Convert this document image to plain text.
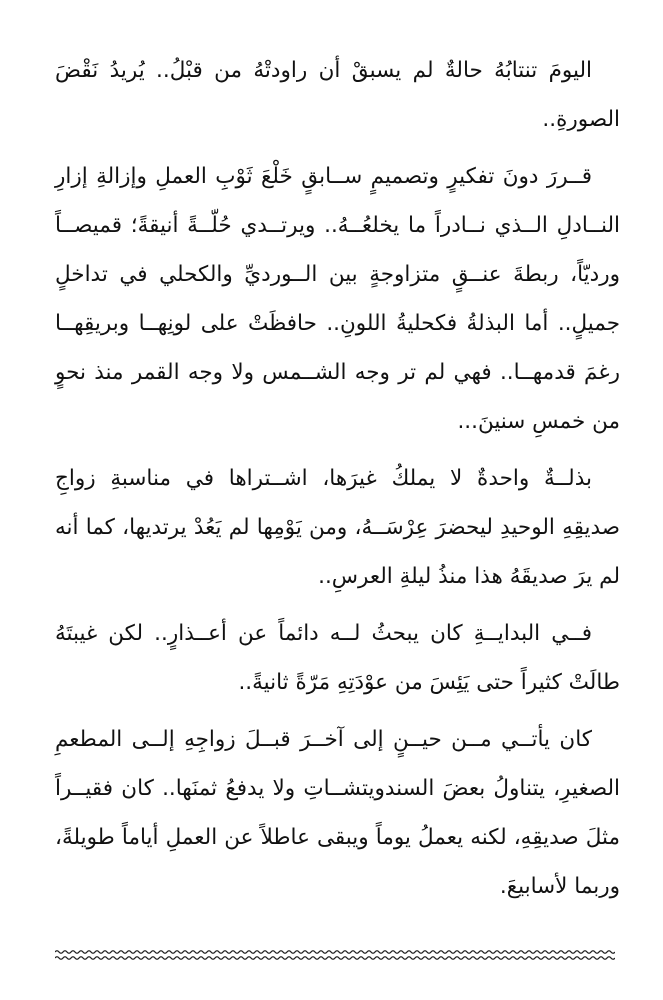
اليومَ تنتابُهُ حالةٌ لم يسبقْ أن راودتْهُ من قبْلُ.. يُريدُ نَقْضَ الصورةِ..

قــررَ دونَ تفكيرٍ وتصميمٍ ســابقٍ خَلْعَ ثَوْبِ العملِ وإزالةِ إزارِ النــادلِ الــذي نــادراً ما يخلعُــهُ.. ويرتــدي حُلّــةً أنيقةً؛ قميصــاً ورديّاً، ربطةَ عنــقٍ متزاوجةٍ بين الــورديِّ والكحلي في تداخلٍ جميلٍ.. أما البذلةُ فكحليةُ اللونِ.. حافظَتْ على لونِهــا وبريقِهــا رغمَ قدمهــا.. فهي لم تر وجه الشــمس ولا وجه القمر منذ نحوٍ من خمسِ سنينَ...

بذلــةٌ واحدةٌ لا يملكُ غيرَها، اشــتراها في مناسبةِ زواجِ صديقِهِ الوحيدِ ليحضرَ عِرْسَــهُ، ومن يَوْمِها لم يَعُدْ يرتديها، كما أنه لم يرَ صديقَهُ هذا منذُ ليلةِ العرسِ..

فــي البدايــةِ كان يبحثُ لــه دائماً عن أعــذارٍ.. لكن غيبتَهُ طالَتْ كثيراً حتى يَئِسَ من عوْدَتِهِ مَرّةً ثانيةً..

كان يأتــي مــن حيــنٍ إلى آخــرَ قبــلَ زواجِهِ إلــى المطعمِ الصغيرِ، يتناولُ بعضَ السندويتشــاتِ ولا يدفعُ ثمنَها.. كان فقيــراً مثلَ صديقِهِ، لكنه يعملُ يوماً ويبقى عاطلاً عن العملِ أياماً طويلةً، وربما لأسابيعَ.
